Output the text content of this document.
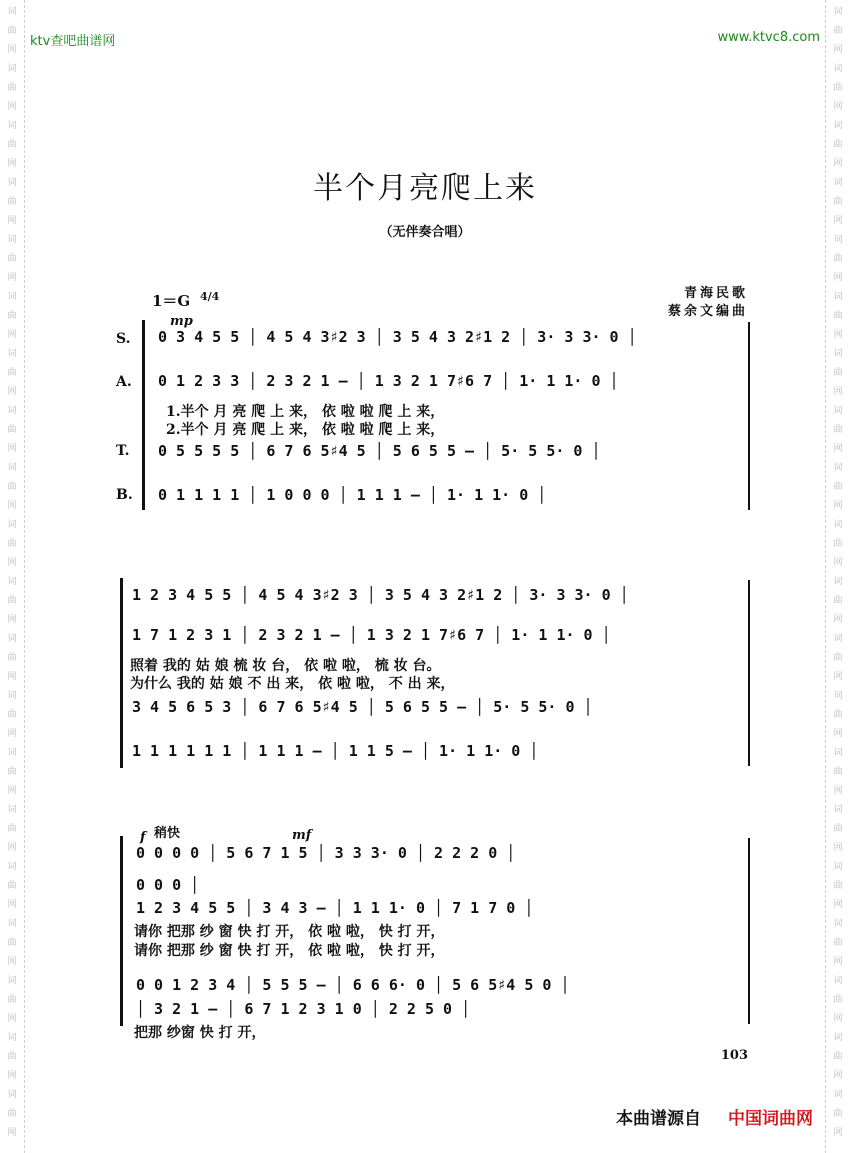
词
曲
网
词
曲
网
词
曲
网
词
曲
网
词
曲
网
词
曲
网
词
曲
网
词
曲
网
词
曲
网
词
曲
网
词
曲
网
词
曲
网
词
曲
网
词
曲
网
词
曲
网
词
曲
网
词
曲
网
词
曲
网
词
曲
网
词
曲
网
词
曲
网
词
曲
网
词
曲
网
词
曲
网
词
曲
网
词
曲
网
词
曲
网
词
曲
网
词
曲
网
词
曲
网
词
曲
网
词
曲
网
词
曲
网
词
曲
网
词
曲
网
词
曲
网
词
曲
网
词
曲
网
词
曲
网
词
曲
网
ktv查吧曲谱网	www.ktvc8.com
半个月亮爬上来
（无伴奏合唱）
青海民歌
蔡余文编曲
1＝G 4/4
S.
A.
T.
B.
mp
f	mf
稍快
0 3 4 5 5 │ 4 5 4 3♯2 3 │ 3 5 4 3 2♯1 2 │ 3· 3 3· 0 │
0 1 2 3 3 │ 2 3 2 1 – │ 1 3 2 1 7♯6 7 │ 1· 1 1· 0 │
1.半个 月 亮 爬 上 来， 依 啦 啦 爬 上 来，
2.半个 月 亮 爬 上 来， 依 啦 啦 爬 上 来，
0 5 5 5 5 │ 6 7 6 5♯4 5 │ 5 6 5 5 – │ 5· 5 5· 0 │
0 1 1 1 1 │ 1 0 0 0 │ 1 1 1 – │ 1· 1 1· 0 │
1 2 3 4 5 5 │ 4 5 4 3♯2 3 │ 3 5 4 3 2♯1 2 │ 3· 3 3· 0 │
1 7 1 2 3 1 │ 2 3 2 1 – │ 1 3 2 1 7♯6 7 │ 1· 1 1· 0 │
照着 我的 姑 娘 梳 妆 台， 依 啦 啦， 梳 妆 台。
为什么 我的 姑 娘 不 出 来， 依 啦 啦， 不 出 来，
3 4 5 6 5 3 │ 6 7 6 5♯4 5 │ 5 6 5 5 – │ 5· 5 5· 0 │
1 1 1 1 1 1 │ 1 1 1 – │ 1 1 5 – │ 1· 1 1· 0 │
0 0 0 0 │ 5 6 7 1 5 │ 3 3 3· 0 │ 2 2 2 0 │
0 0 0 │
1 2 3 4 5 5 │ 3 4 3 – │ 1 1 1· 0 │ 7 1 7 0 │
请你 把那 纱 窗 快 打 开， 依 啦 啦， 快 打 开，
请你 把那 纱 窗 快 打 开， 依 啦 啦， 快 打 开，
0 0 1 2 3 4 │ 5 5 5 – │ 6 6 6· 0 │ 5 6 5♯4 5 0 │
│ 3 2 1 – │ 6 7 1 2 3 1 0 │ 2 2 5 0 │
把那 纱窗 快 打 开，
103
本曲谱源自 中国词曲网
